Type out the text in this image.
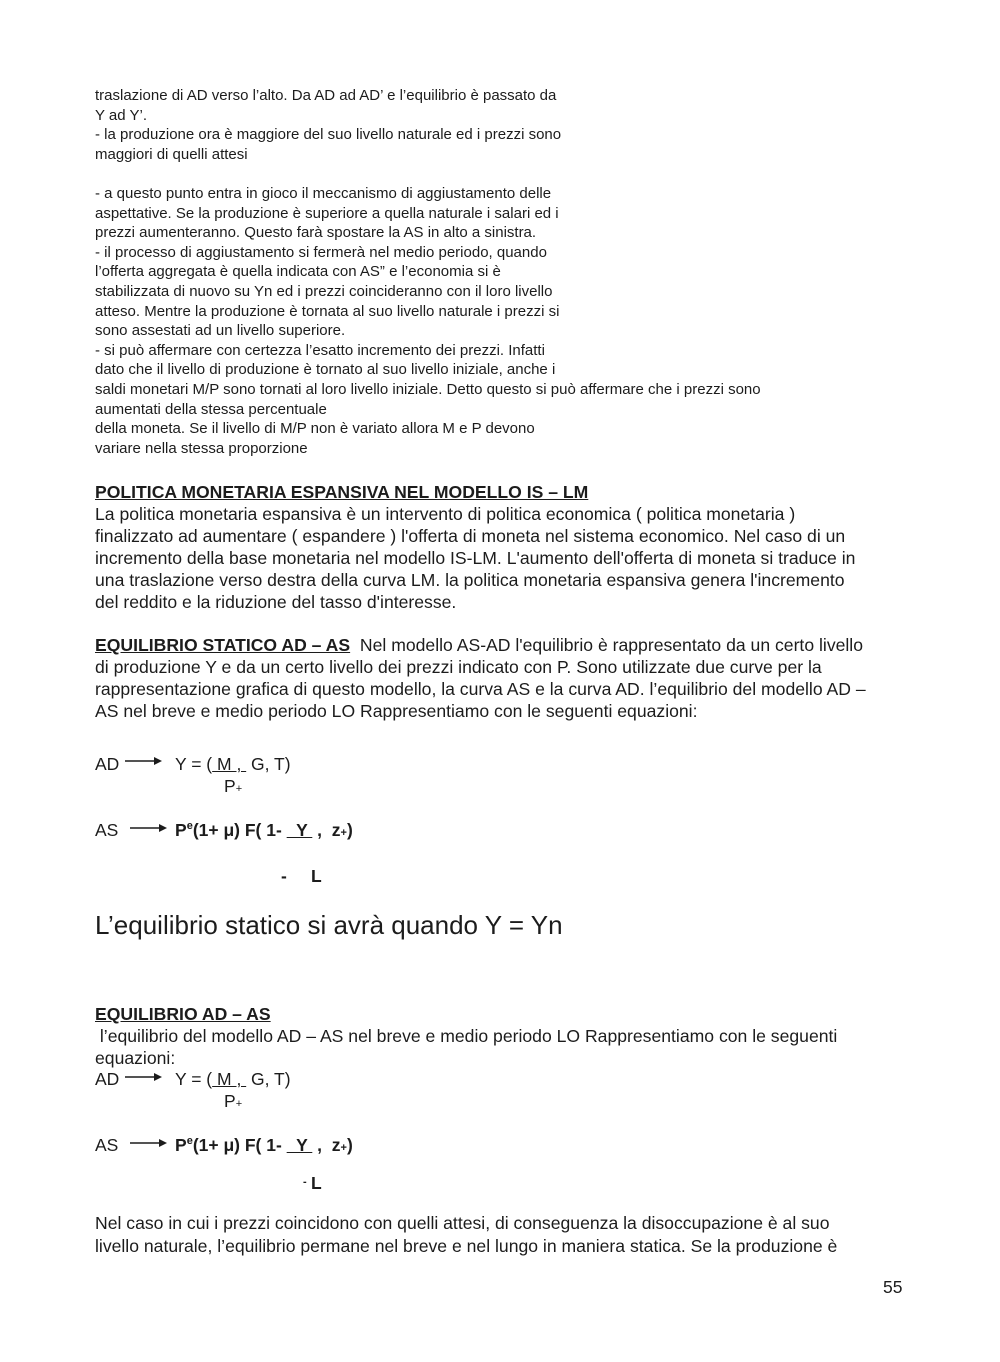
traslazione di AD verso l’alto. Da AD ad AD’ e l’equilibrio è passato da
Y ad Y’.
- la produzione ora è maggiore del suo livello naturale ed i prezzi sono
maggiori di quelli attesi

- a questo punto entra in gioco il meccanismo di aggiustamento delle
aspettative. Se la produzione è superiore a quella naturale i salari ed i
prezzi aumenteranno. Questo farà spostare la AS in alto a sinistra.
- il processo di aggiustamento si fermerà nel medio periodo, quando
l’offerta aggregata è quella indicata con AS” e l’economia si è
stabilizzata di nuovo su Yn ed i prezzi coincideranno con il loro livello
atteso. Mentre la produzione è tornata al suo livello naturale i prezzi si
sono assestati ad un livello superiore.
- si può affermare con certezza l’esatto incremento dei prezzi. Infatti
dato che il livello di produzione è tornato al suo livello iniziale, anche i
saldi monetari M/P sono tornati al loro livello iniziale. Detto questo si può affermare che i prezzi sono
aumentati della stessa percentuale
della moneta. Se il livello di M/P non è variato allora M e P devono
variare nella stessa proporzione
POLITICA MONETARIA ESPANSIVA NEL MODELLO IS – LM
La politica monetaria espansiva è un intervento di politica economica ( politica monetaria )
finalizzato ad aumentare ( espandere ) l'offerta di moneta nel sistema economico. Nel caso di un
incremento della base monetaria nel modello IS-LM. L'aumento dell'offerta di moneta si traduce in
una traslazione verso destra della curva LM. la politica monetaria espansiva genera l'incremento
del reddito e la riduzione del tasso d'interesse.
EQUILIBRIO STATICO AD – AS  Nel modello AS-AD l'equilibrio è rappresentato da un certo livello
di produzione Y e da un certo livello dei prezzi indicato con P. Sono utilizzate due curve per la
rappresentazione grafica di questo modello, la curva AS e la curva AD. l’equilibrio del modello AD –
AS nel breve e medio periodo LO Rappresentiamo con le seguenti equazioni:
AD	Y = ( M ,  G, T)
P+
AS	$P^e(1+ \mu)$ F( 1-   Y  ,  z+)
- L
L’equilibrio statico si avrà quando Y = Yn
EQUILIBRIO AD – AS
l’equilibrio del modello AD – AS nel breve e medio periodo LO Rappresentiamo con le seguenti
equazioni:
AD	Y = ( M ,  G, T)
P+
AS	$P^e(1+ \mu)$ F( 1-   Y  ,  z+)
- L
Nel caso in cui i prezzi coincidono con quelli attesi, di conseguenza la disoccupazione è al suo
livello naturale, l’equilibrio permane nel breve e nel lungo in maniera statica. Se la produzione è
55
